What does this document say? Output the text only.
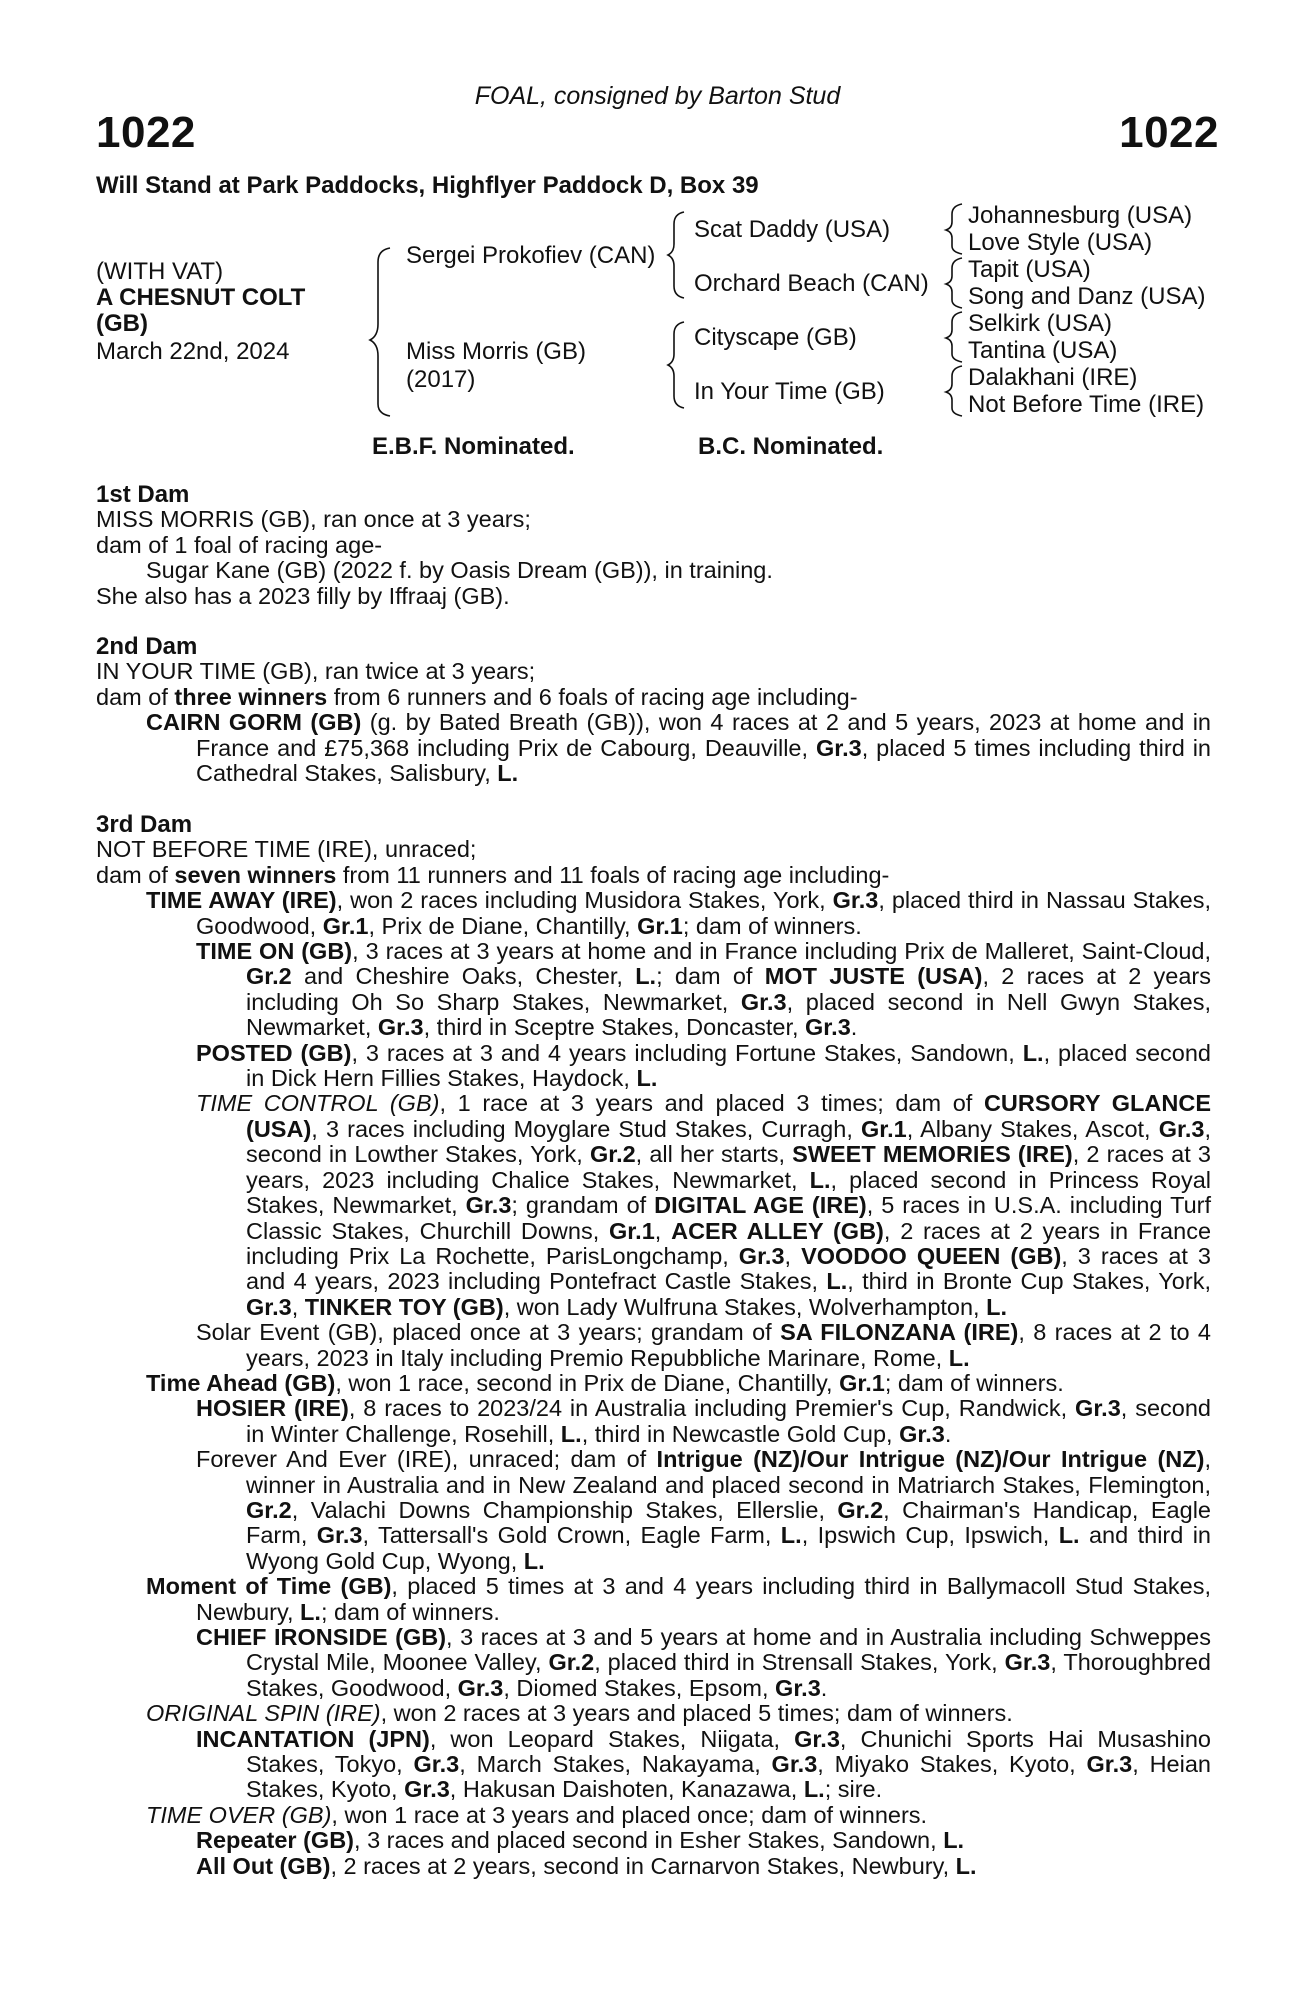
FOAL, consigned by Barton Stud
1022	1022
Will Stand at Park Paddocks, Highflyer Paddock D, Box 39
(WITH VAT)
A CHESNUT COLT
(GB)
March 22nd, 2024
Sergei Prokofiev (CAN)
Miss Morris (GB)
(2017)
Scat Daddy (USA)
Orchard Beach (CAN)
Cityscape (GB)
In Your Time (GB)
Johannesburg (USA)
Love Style (USA)
Tapit (USA)
Song and Danz (USA)
Selkirk (USA)
Tantina (USA)
Dalakhani (IRE)
Not Before Time (IRE)
E.B.F. Nominated.	B.C. Nominated.

1st Dam

MISS MORRIS (GB), ran once at 3 years;

dam of 1 foal of racing age-

Sugar Kane (GB) (2022 f. by Oasis Dream (GB)), in training.

She also has a 2023 filly by Iffraaj (GB).

2nd Dam

IN YOUR TIME (GB), ran twice at 3 years;

dam of three winners from 6 runners and 6 foals of racing age including-

CAIRN GORM (GB) (g. by Bated Breath (GB)), won 4 races at 2 and 5 years, 2023 at home and in France and £75,368 including Prix de Cabourg, Deauville, Gr.3, placed 5 times including third in Cathedral Stakes, Salisbury, L.

3rd Dam

NOT BEFORE TIME (IRE), unraced;

dam of seven winners from 11 runners and 11 foals of racing age including-

TIME AWAY (IRE), won 2 races including Musidora Stakes, York, Gr.3, placed third in Nassau Stakes, Goodwood, Gr.1, Prix de Diane, Chantilly, Gr.1; dam of winners.

TIME ON (GB), 3 races at 3 years at home and in France including Prix de Malleret, Saint-Cloud, Gr.2 and Cheshire Oaks, Chester, L.; dam of MOT JUSTE (USA), 2 races at 2 years including Oh So Sharp Stakes, Newmarket, Gr.3, placed second in Nell Gwyn Stakes, Newmarket, Gr.3, third in Sceptre Stakes, Doncaster, Gr.3.

POSTED (GB), 3 races at 3 and 4 years including Fortune Stakes, Sandown, L., placed second in Dick Hern Fillies Stakes, Haydock, L.

TIME CONTROL (GB), 1 race at 3 years and placed 3 times; dam of CURSORY GLANCE (USA), 3 races including Moyglare Stud Stakes, Curragh, Gr.1, Albany Stakes, Ascot, Gr.3, second in Lowther Stakes, York, Gr.2, all her starts, SWEET MEMORIES (IRE), 2 races at 3 years, 2023 including Chalice Stakes, Newmarket, L., placed second in Princess Royal Stakes, Newmarket, Gr.3; grandam of DIGITAL AGE (IRE), 5 races in U.S.A. including Turf Classic Stakes, Churchill Downs, Gr.1, ACER ALLEY (GB), 2 races at 2 years in France including Prix La Rochette, ParisLongchamp, Gr.3, VOODOO QUEEN (GB), 3 races at 3 and 4 years, 2023 including Pontefract Castle Stakes, L., third in Bronte Cup Stakes, York, Gr.3, TINKER TOY (GB), won Lady Wulfruna Stakes, Wolverhampton, L.

Solar Event (GB), placed once at 3 years; grandam of SA FILONZANA (IRE), 8 races at 2 to 4 years, 2023 in Italy including Premio Repubbliche Marinare, Rome, L.

Time Ahead (GB), won 1 race, second in Prix de Diane, Chantilly, Gr.1; dam of winners.

HOSIER (IRE), 8 races to 2023/24 in Australia including Premier's Cup, Randwick, Gr.3, second in Winter Challenge, Rosehill, L., third in Newcastle Gold Cup, Gr.3.

Forever And Ever (IRE), unraced; dam of Intrigue (NZ)/Our Intrigue (NZ)/Our Intrigue (NZ), winner in Australia and in New Zealand and placed second in Matriarch Stakes, Flemington, Gr.2, Valachi Downs Championship Stakes, Ellerslie, Gr.2, Chairman's Handicap, Eagle Farm, Gr.3, Tattersall's Gold Crown, Eagle Farm, L., Ipswich Cup, Ipswich, L. and third in Wyong Gold Cup, Wyong, L.

Moment of Time (GB), placed 5 times at 3 and 4 years including third in Ballymacoll Stud Stakes, Newbury, L.; dam of winners.

CHIEF IRONSIDE (GB), 3 races at 3 and 5 years at home and in Australia including Schweppes Crystal Mile, Moonee Valley, Gr.2, placed third in Strensall Stakes, York, Gr.3, Thoroughbred Stakes, Goodwood, Gr.3, Diomed Stakes, Epsom, Gr.3.

ORIGINAL SPIN (IRE), won 2 races at 3 years and placed 5 times; dam of winners.

INCANTATION (JPN), won Leopard Stakes, Niigata, Gr.3, Chunichi Sports Hai Musashino Stakes, Tokyo, Gr.3, March Stakes, Nakayama, Gr.3, Miyako Stakes, Kyoto, Gr.3, Heian Stakes, Kyoto, Gr.3, Hakusan Daishoten, Kanazawa, L.; sire.

TIME OVER (GB), won 1 race at 3 years and placed once; dam of winners.

Repeater (GB), 3 races and placed second in Esher Stakes, Sandown, L.

All Out (GB), 2 races at 2 years, second in Carnarvon Stakes, Newbury, L.
